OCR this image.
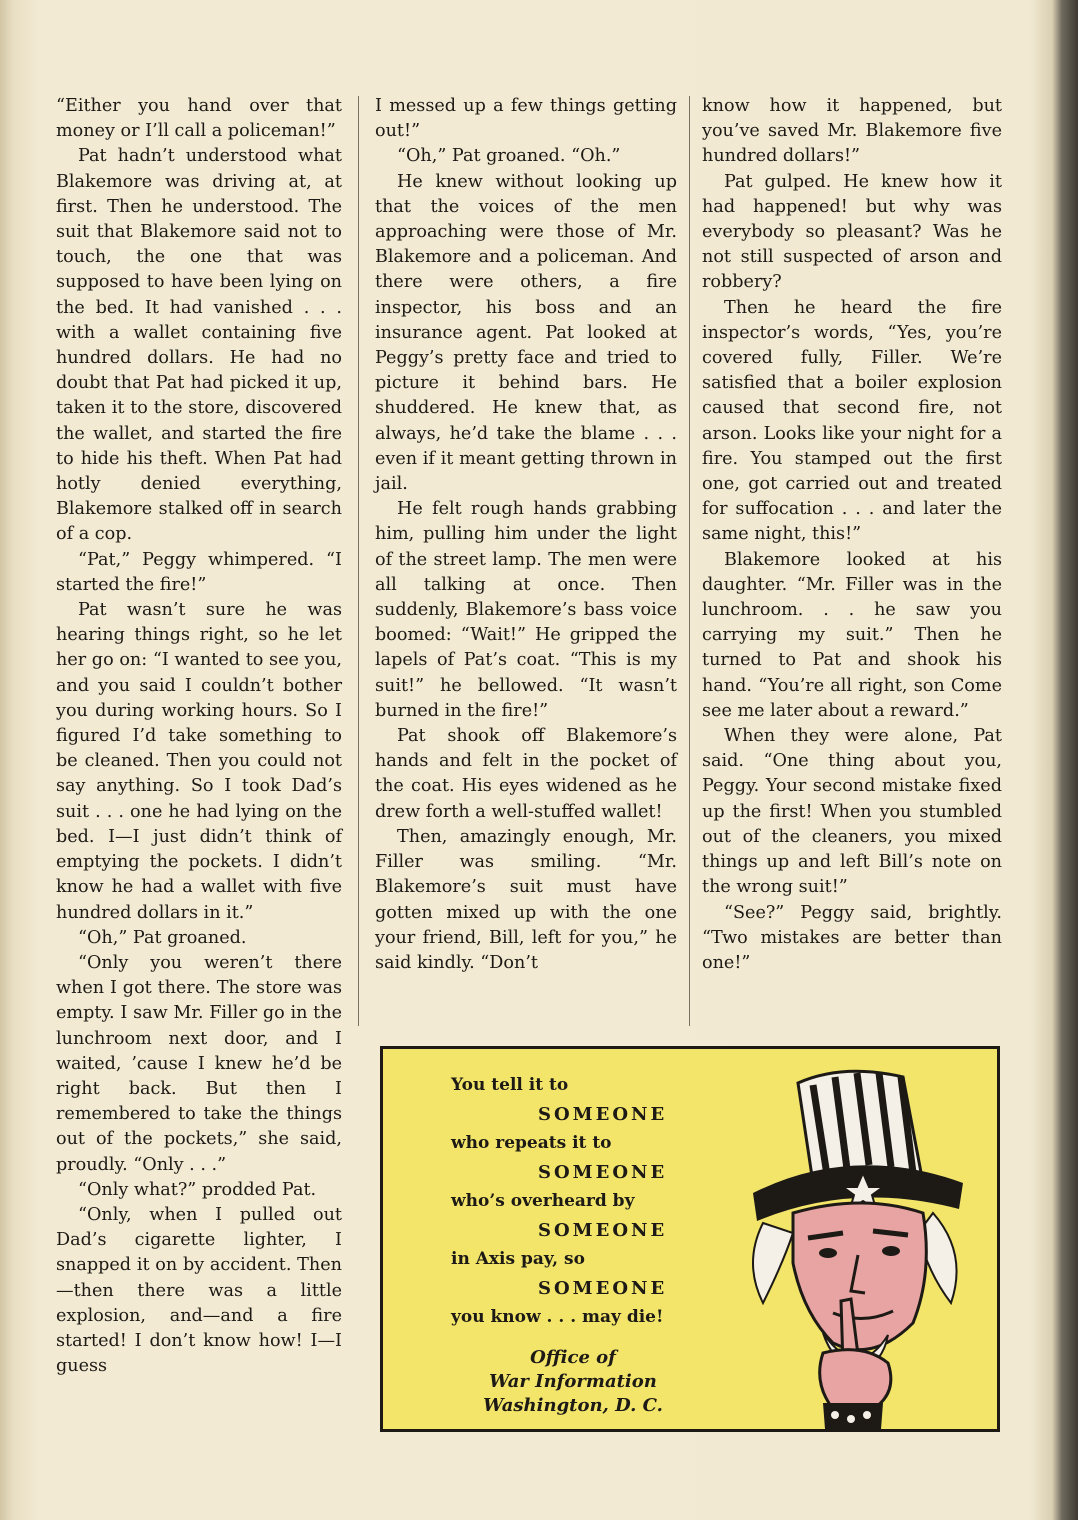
“Either you hand over that money or I’ll call a policeman!”

Pat hadn’t understood what Blakemore was driving at, at first. Then he understood. The suit that Blakemore said not to touch, the one that was supposed to have been lying on the bed. It had vanished . . . with a wallet containing five hundred dollars. He had no doubt that Pat had picked it up, taken it to the store, discovered the wallet, and started the fire to hide his theft. When Pat had hotly denied everything, Blakemore stalked off in search of a cop.

“Pat,” Peggy whimpered. “I started the fire!”

Pat wasn’t sure he was hearing things right, so he let her go on: “I wanted to see you, and you said I couldn’t bother you during working hours. So I figured I’d take something to be cleaned. Then you could not say anything. So I took Dad’s suit . . . one he had lying on the bed. I—I just didn’t think of emptying the pockets. I didn’t know he had a wallet with five hundred dollars in it.”

“Oh,” Pat groaned.

“Only you weren’t there when I got there. The store was empty. I saw Mr. Filler go in the lunchroom next door, and I waited, ’cause I knew he’d be right back. But then I remembered to take the things out of the pockets,” she said, proudly. “Only . . .”

“Only what?” prodded Pat.

“Only, when I pulled out Dad’s cigarette lighter, I snapped it on by accident. Then—then there was a little explosion, and—and a fire started! I don’t know how! I—I guess

I messed up a few things getting out!”

“Oh,” Pat groaned. “Oh.”

He knew without looking up that the voices of the men approaching were those of Mr. Blakemore and a policeman. And there were others, a fire inspector, his boss and an insurance agent. Pat looked at Peggy’s pretty face and tried to picture it behind bars. He shuddered. He knew that, as always, he’d take the blame . . . even if it meant getting thrown in jail.

He felt rough hands grabbing him, pulling him under the light of the street lamp. The men were all talking at once. Then suddenly, Blakemore’s bass voice boomed: “Wait!” He gripped the lapels of Pat’s coat. “This is my suit!” he bellowed. “It wasn’t burned in the fire!”

Pat shook off Blakemore’s hands and felt in the pocket of the coat. His eyes widened as he drew forth a well-stuffed wallet!

Then, amazingly enough, Mr. Filler was smiling. “Mr. Blakemore’s suit must have gotten mixed up with the one your friend, Bill, left for you,” he said kindly. “Don’t

know how it happened, but you’ve saved Mr. Blakemore five hundred dollars!”

Pat gulped. He knew how it had happened! but why was everybody so pleasant? Was he not still suspected of arson and robbery?

Then he heard the fire inspector’s words, “Yes, you’re covered fully, Filler. We’re satisfied that a boiler explosion caused that second fire, not arson. Looks like your night for a fire. You stamped out the first one, got carried out and treated for suffocation . . . and later the same night, this!”

Blakemore looked at his daughter. “Mr. Filler was in the lunchroom. . . he saw you carrying my suit.” Then he turned to Pat and shook his hand. “You’re all right, son Come see me later about a reward.”

When they were alone, Pat said. “One thing about you, Peggy. Your second mistake fixed up the first! When you stumbled out of the cleaners, you mixed things up and left Bill’s note on the wrong suit!”

“See?” Peggy said, brightly. “Two mistakes are better than one!”

You tell it to
SOMEONE
who repeats it to
SOMEONE
who’s overheard by
SOMEONE
in Axis pay, so
SOMEONE
you know . . . may die!
Office of
War Information
Washington, D. C.
